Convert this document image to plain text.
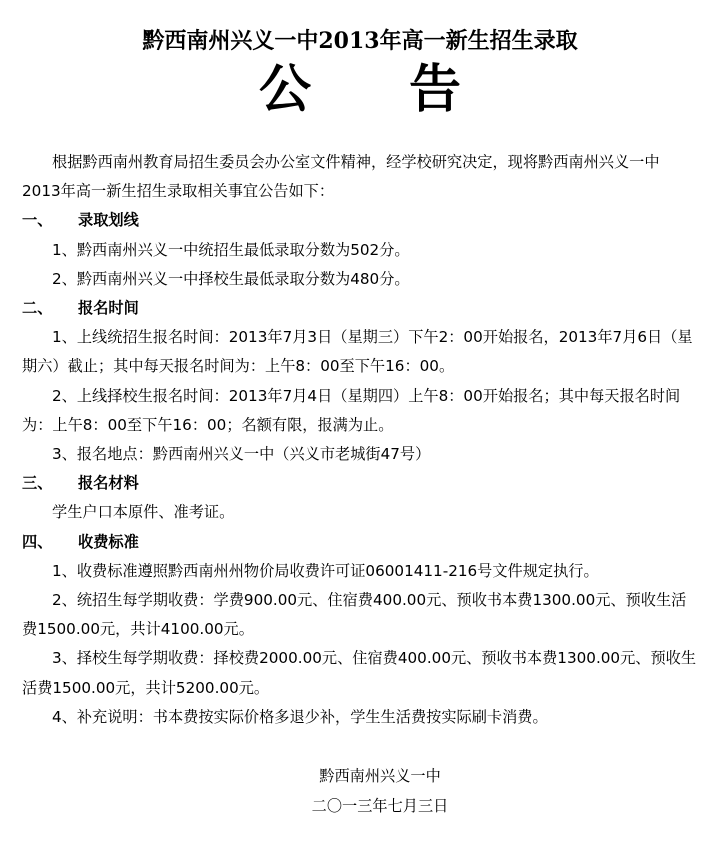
黔西南州兴义一中2013年高一新生招生录取
公 告

根据黔西南州教育局招生委员会办公室文件精神，经学校研究决定，现将黔西南州兴义一中2013年高一新生招生录取相关事宜公告如下：

一、 录取划线

1、黔西南州兴义一中统招生最低录取分数为502分。

2、黔西南州兴义一中择校生最低录取分数为480分。

二、 报名时间

1、上线统招生报名时间：2013年7月3日（星期三）下午2：00开始报名，2013年7月6日（星期六）截止；其中每天报名时间为：上午8：00至下午16：00。

2、上线择校生报名时间：2013年7月4日（星期四）上午8：00开始报名；其中每天报名时间为：上午8：00至下午16：00；名额有限，报满为止。

3、报名地点：黔西南州兴义一中（兴义市老城街47号）

三、 报名材料

学生户口本原件、准考证。

四、 收费标准

1、收费标准遵照黔西南州州物价局收费许可证06001411-216号文件规定执行。

2、统招生每学期收费：学费900.00元、住宿费400.00元、预收书本费1300.00元、预收生活费1500.00元，共计4100.00元。

3、择校生每学期收费：择校费2000.00元、住宿费400.00元、预收书本费1300.00元、预收生活费1500.00元，共计5200.00元。

4、补充说明：书本费按实际价格多退少补，学生生活费按实际刷卡消费。

黔西南州兴义一中
二〇一三年七月三日
